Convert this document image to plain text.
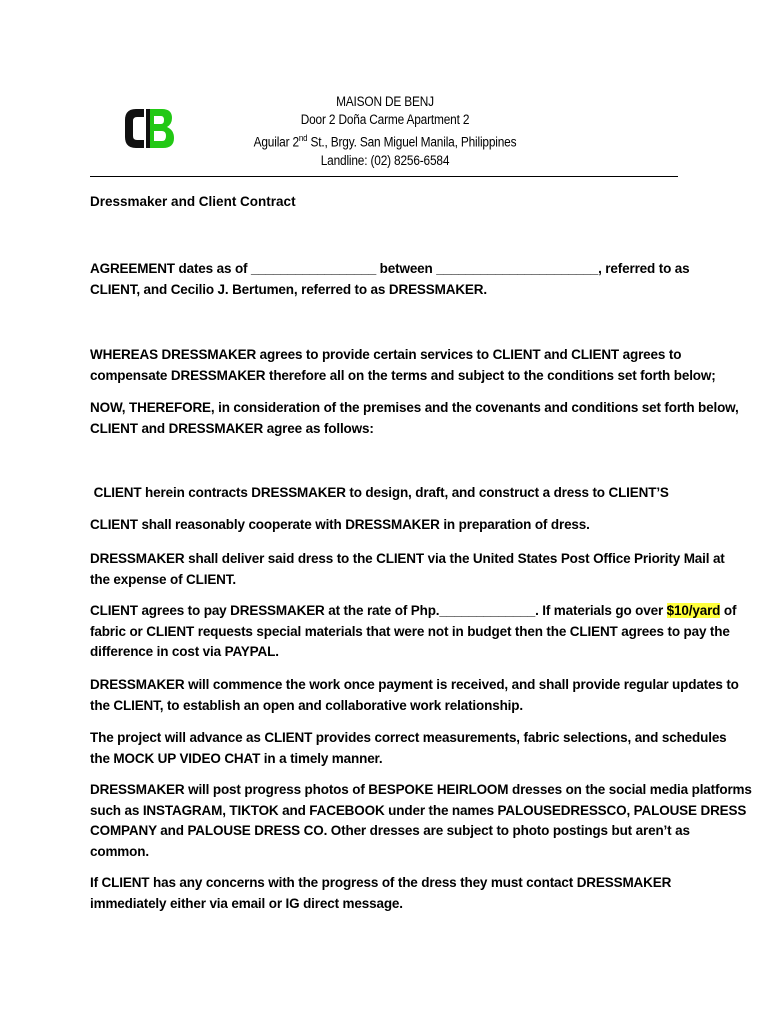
MAISON DE BENJ
Door 2 Doña Carme Apartment 2
Aguilar 2nd St., Brgy. San Miguel Manila, Philippines
Landline: (02) 8256-6584
Dressmaker and Client Contract
AGREEMENT dates as of _________________ between ______________________, referred to as
CLIENT, and Cecilio J. Bertumen, referred to as DRESSMAKER.
WHEREAS DRESSMAKER agrees to provide certain services to CLIENT and CLIENT agrees to
compensate DRESSMAKER therefore all on the terms and subject to the conditions set forth below;
NOW, THEREFORE, in consideration of the premises and the covenants and conditions set forth below,
CLIENT and DRESSMAKER agree as follows:
CLIENT herein contracts DRESSMAKER to design, draft, and construct a dress to CLIENT’S
CLIENT shall reasonably cooperate with DRESSMAKER in preparation of dress.
DRESSMAKER shall deliver said dress to the CLIENT via the United States Post Office Priority Mail at
the expense of CLIENT.
CLIENT agrees to pay DRESSMAKER at the rate of Php._____________. If materials go over $10/yard of
fabric or CLIENT requests special materials that were not in budget then the CLIENT agrees to pay the
difference in cost via PAYPAL.
DRESSMAKER will commence the work once payment is received, and shall provide regular updates to
the CLIENT, to establish an open and collaborative work relationship.
The project will advance as CLIENT provides correct measurements, fabric selections, and schedules
the MOCK UP VIDEO CHAT in a timely manner.
DRESSMAKER will post progress photos of BESPOKE HEIRLOOM dresses on the social media platforms
such as INSTAGRAM, TIKTOK and FACEBOOK under the names PALOUSEDRESSCO, PALOUSE DRESS
COMPANY and PALOUSE DRESS CO. Other dresses are subject to photo postings but aren’t as
common.
If CLIENT has any concerns with the progress of the dress they must contact DRESSMAKER
immediately either via email or IG direct message.
